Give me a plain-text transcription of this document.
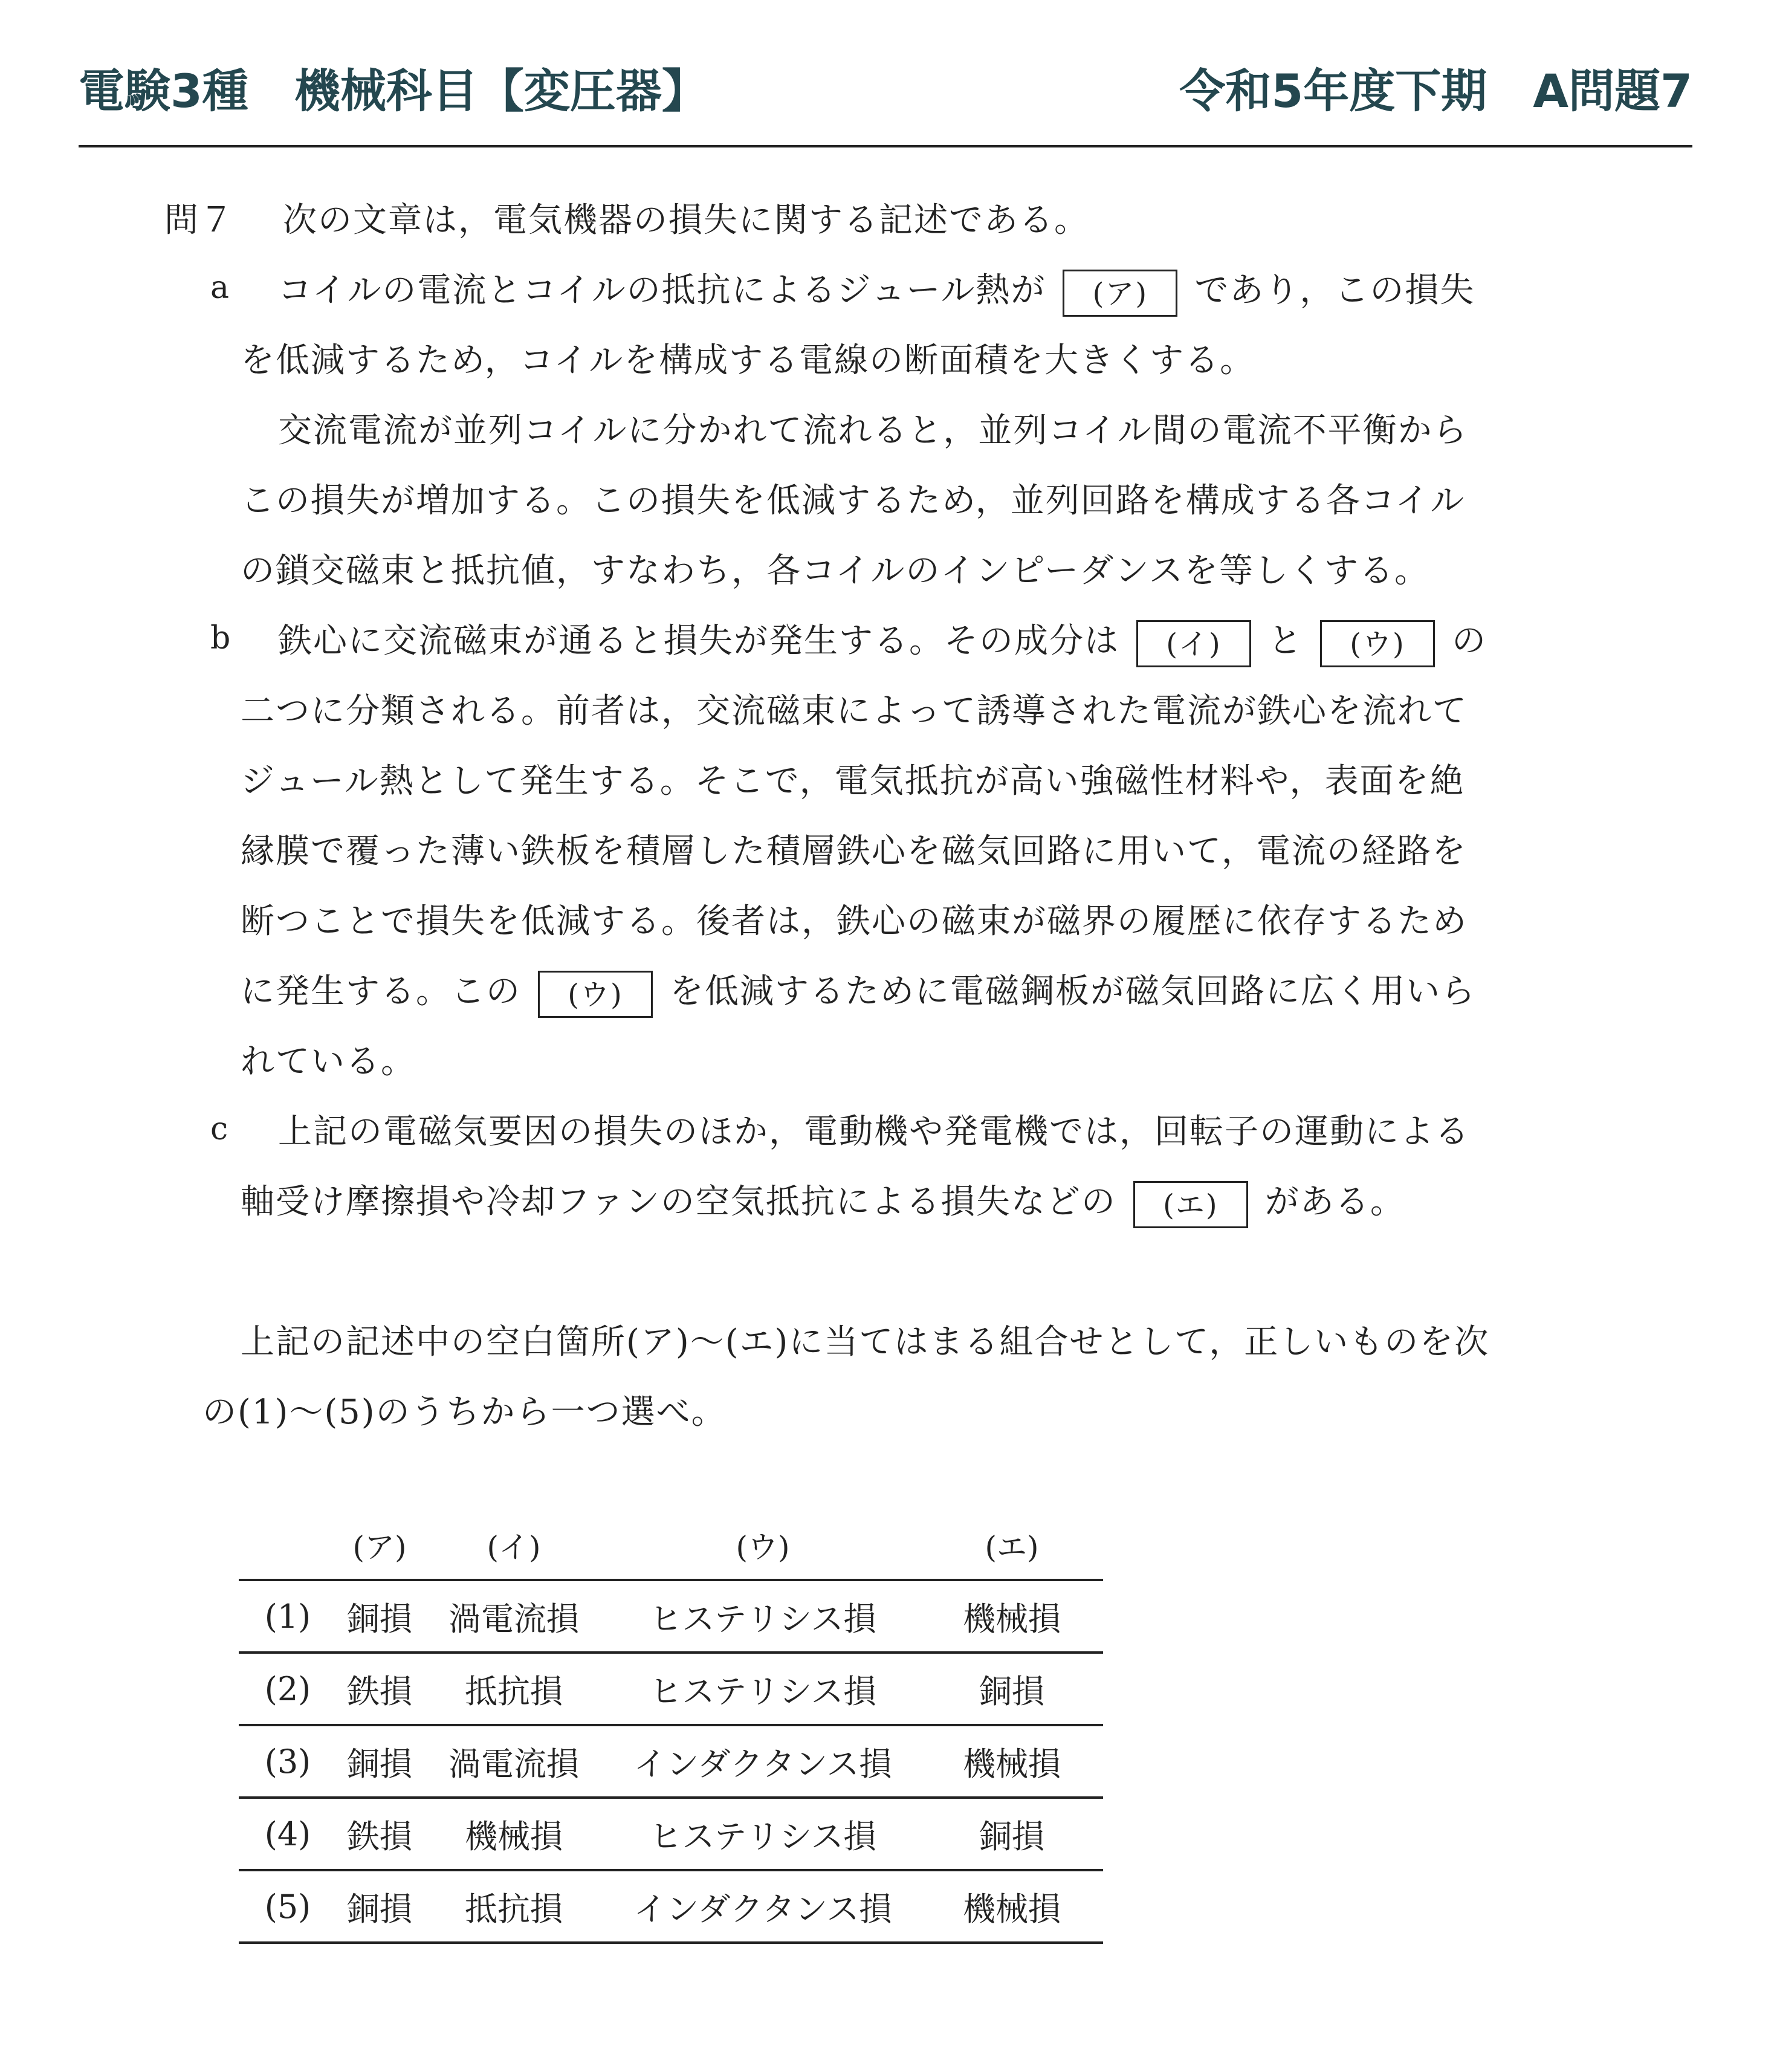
電験3種　機械科目【変圧器】	令和5年度下期　A問題7
問７ 次の文章は，電気機器の損失に関する記述である。
a コイルの電流とコイルの抵抗によるジュール熱が (ア) であり，この損失
を低減するため，コイルを構成する電線の断面積を大きくする。
交流電流が並列コイルに分かれて流れると，並列コイル間の電流不平衡から
この損失が増加する。この損失を低減するため，並列回路を構成する各コイル
の鎖交磁束と抵抗値，すなわち，各コイルのインピーダンスを等しくする。
b 鉄心に交流磁束が通ると損失が発生する。その成分は (イ) と (ウ) の
二つに分類される。前者は，交流磁束によって誘導された電流が鉄心を流れて
ジュール熱として発生する。そこで，電気抵抗が高い強磁性材料や，表面を絶
縁膜で覆った薄い鉄板を積層した積層鉄心を磁気回路に用いて，電流の経路を
断つことで損失を低減する。後者は，鉄心の磁束が磁界の履歴に依存するため
に発生する。この (ウ) を低減するために電磁鋼板が磁気回路に広く用いら
れている。
c 上記の電磁気要因の損失のほか，電動機や発電機では，回転子の運動による
軸受け摩擦損や冷却ファンの空気抵抗による損失などの (エ) がある。
上記の記述中の空白箇所(ア)～(エ)に当てはまる組合せとして，正しいものを次
の(1)～(5)のうちから一つ選べ。
	(ア)	(イ)	(ウ)	(エ)
(1)	銅損	渦電流損	ヒステリシス損	機械損
(2)	鉄損	抵抗損	ヒステリシス損	銅損
(3)	銅損	渦電流損	インダクタンス損	機械損
(4)	鉄損	機械損	ヒステリシス損	銅損
(5)	銅損	抵抗損	インダクタンス損	機械損
